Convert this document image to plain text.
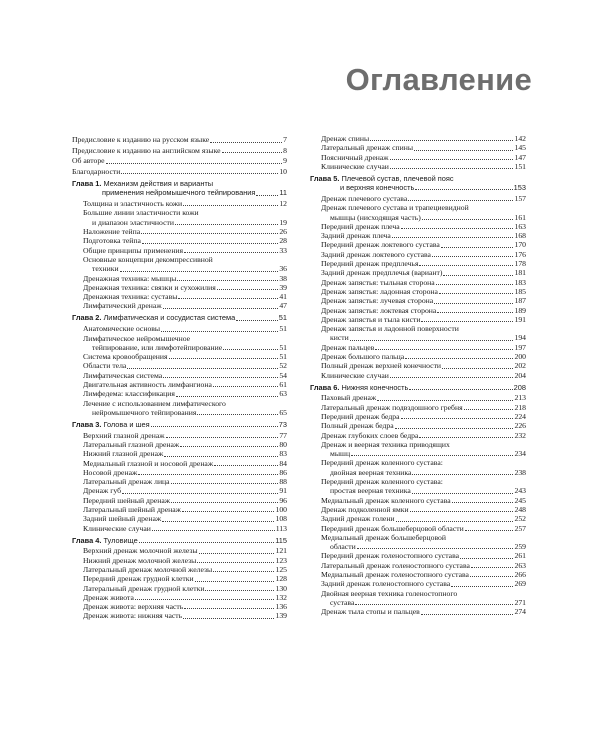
Оглавление
Предисловие к изданию на русском языке	7
Предисловие к изданию на английском языке	8
Об авторе	9
Благодарности	10
Глава 1. Механизм действия и варианты
применения нейромышечного тейпирования	11
Толщина и эластичность кожи	12
Большие линии эластичности кожи
и диапазон эластичности	19
Наложение тейпа	26
Подготовка тейпа	28
Общие принципы применения	33
Основные концепции декомпрессивной
техники	36
Дренажная техника: мышцы	38
Дренажная техника: связки и сухожилия	39
Дренажная техника: суставы	41
Лимфатический дренаж	47
Глава 2. Лимфатическая и сосудистая система	51
Анатомические основы	51
Лимфатическое нейромышечное
тейпирование, или лимфотейпирование	51
Система кровообращения	51
Области тела	52
Лимфатическая система	54
Двигательная активность лимфангиона	61
Лимфедема: классификация	63
Лечение с использованием лимфатического
нейромышечного тейпирования	65
Глава 3. Голова и шея	73
Верхний глазной дренаж	77
Латеральный глазной дренаж	80
Нижний глазной дренаж	83
Медиальный глазной и носовой дренаж	84
Носовой дренаж	86
Латеральный дренаж лица	88
Дренаж губ	91
Передний шейный дренаж	96
Латеральный шейный дренаж	100
Задний шейный дренаж	108
Клинические случаи	113
Глава 4. Туловище	115
Верхний дренаж молочной железы	121
Нижний дренаж молочной железы	123
Латеральный дренаж молочной железы	125
Передний дренаж грудной клетки	128
Латеральный дренаж грудной клетки	130
Дренаж живота	132
Дренаж живота: верхняя часть	136
Дренаж живота: нижняя часть	139
Дренаж спины	142
Латеральный дренаж спины	145
Поясничный дренаж	147
Клинические случаи	151
Глава 5. Плечевой сустав, плечевой пояс
и верхняя конечность	153
Дренаж плечевого сустава	157
Дренаж плечевого сустава и трапециевидной
мышцы (нисходящая часть)	161
Передний дренаж плеча	163
Задний дренаж плеча	168
Передний дренаж локтевого сустава	170
Задний дренаж локтевого сустава	176
Передний дренаж предплечья	178
Задний дренаж предплечья (вариант)	181
Дренаж запястья: тыльная сторона	183
Дренаж запястья: ладонная сторона	185
Дренаж запястья: лучевая сторона	187
Дренаж запястья: локтевая сторона	189
Дренаж запястья и тыла кисти	191
Дренаж запястья и ладонной поверхности
кисти	194
Дренаж пальцев	197
Дренаж большого пальца	200
Полный дренаж верхней конечности	202
Клинические случаи	204
Глава 6. Нижняя конечность	208
Паховый дренаж	213
Латеральный дренаж подвздошного гребня	218
Передний дренаж бедра	224
Полный дренаж бедра	226
Дренаж глубоких слоев бедра	232
Дренаж и веерная техника приводящих
мышц	234
Передний дренаж коленного сустава:
двойная веерная техника	238
Передний дренаж коленного сустава:
простая веерная техника	243
Медиальный дренаж коленного сустава	245
Дренаж подколенной ямки	248
Задний дренаж голени	252
Передний дренаж большеберцовой области	257
Медиальный дренаж большеберцовой
области	259
Передний дренаж голеностопного сустава	261
Латеральный дренаж голеностопного сустава	263
Медиальный дренаж голеностопного сустава	266
Задний дренаж голеностопного сустава	269
Двойная веерная техника голеностопного
сустава	271
Дренаж тыла стопы и пальцев	274
